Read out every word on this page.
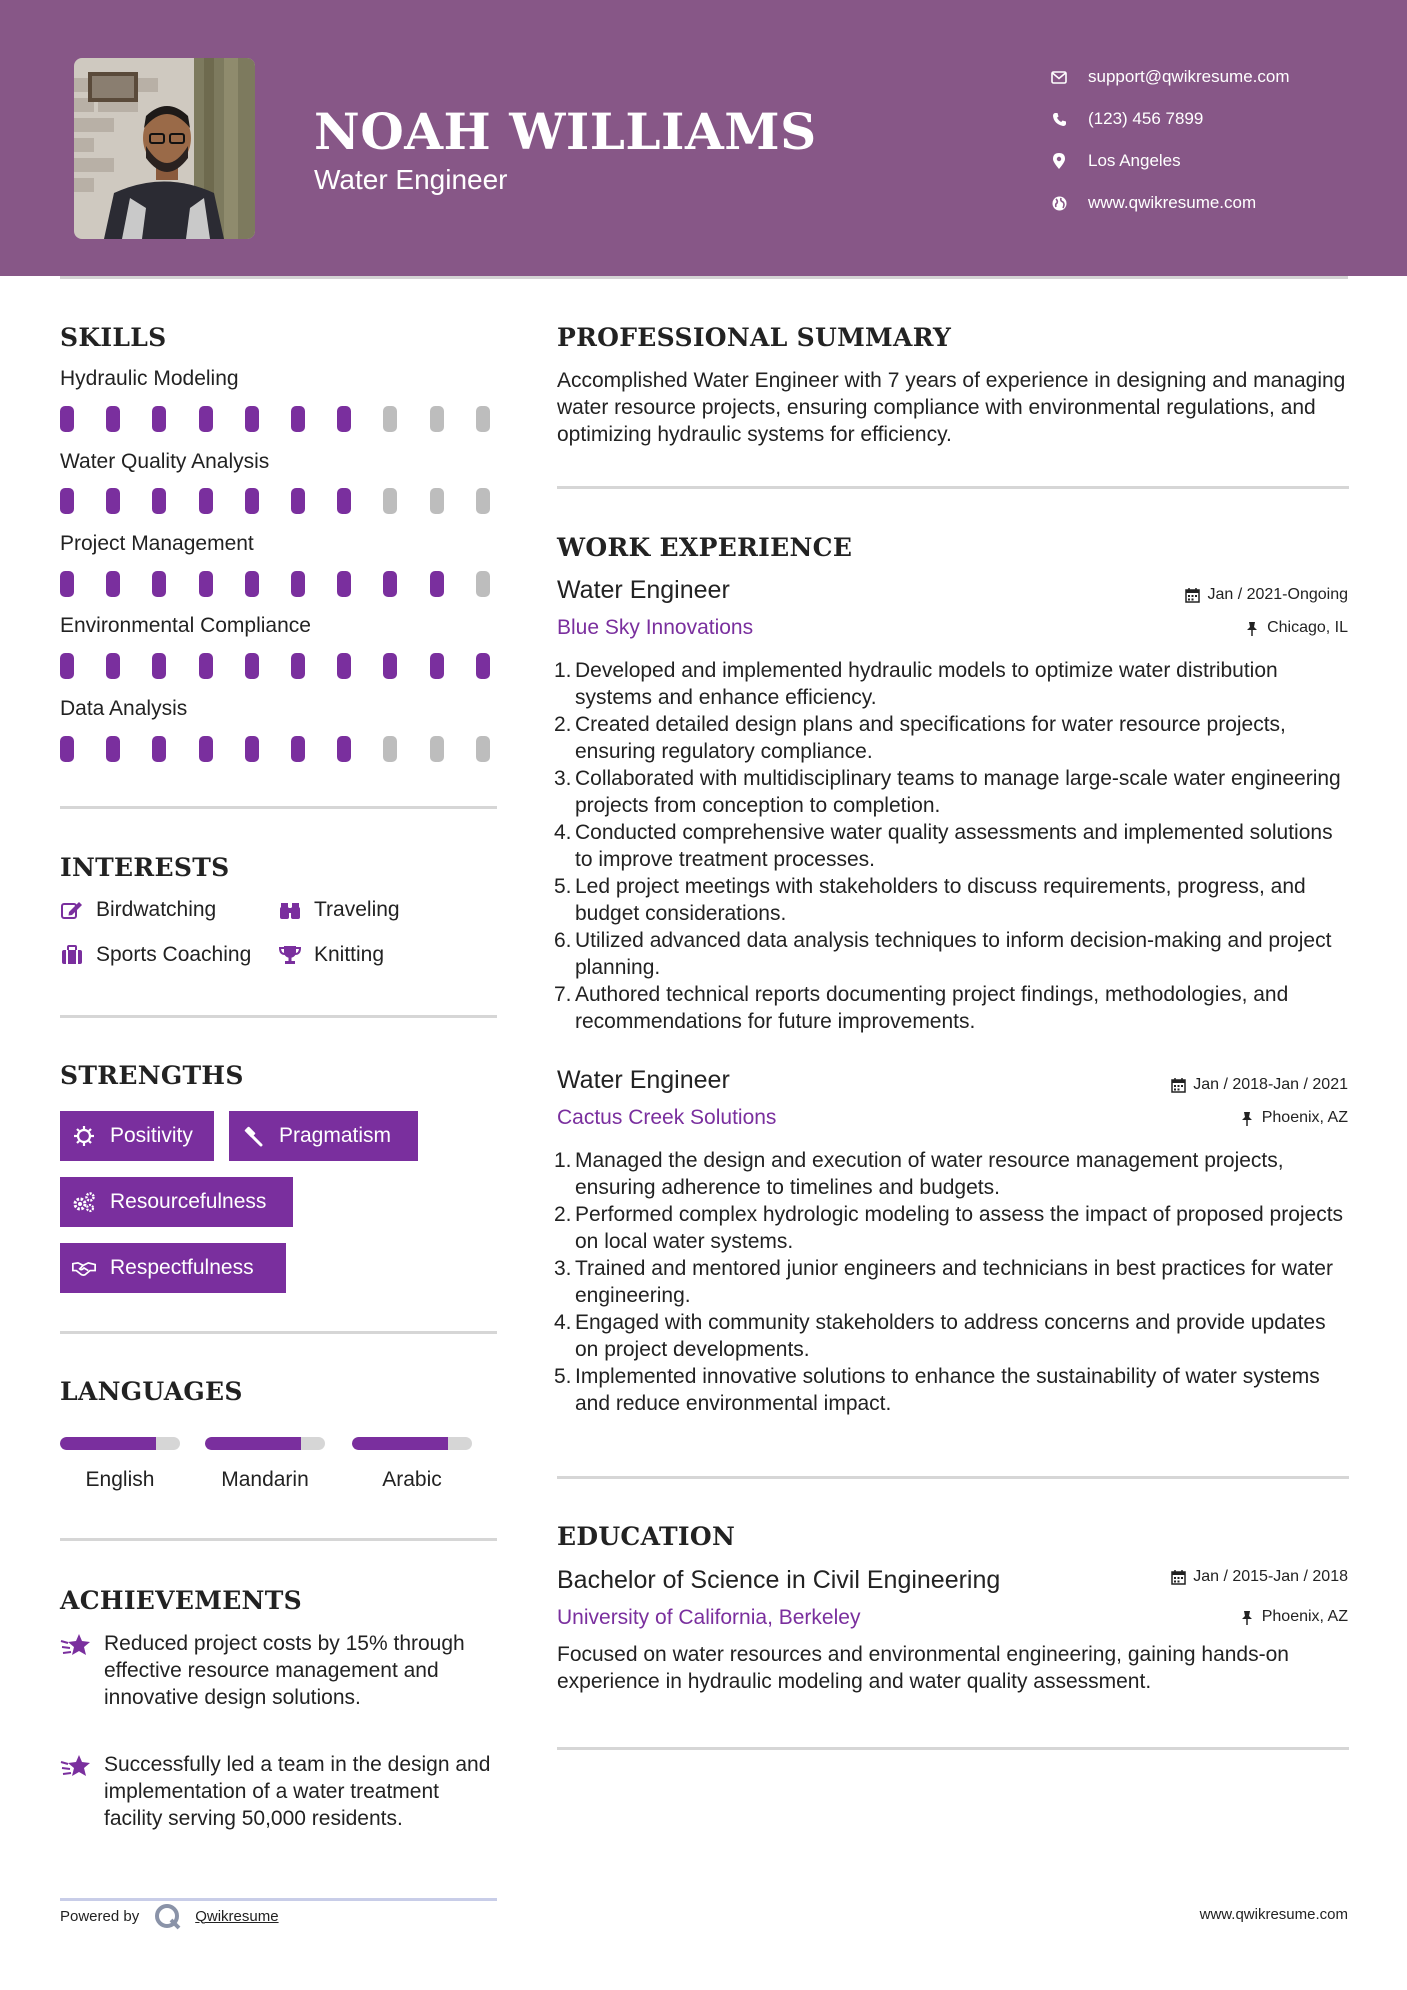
NOAH WILLIAMS
Water Engineer
support@qwikresume.com
(123) 456 7899
Los Angeles
www.qwikresume.com
SKILLS
Hydraulic Modeling
Water Quality Analysis
Project Management
Environmental Compliance
Data Analysis
INTERESTS
Birdwatching	Traveling
Sports Coaching	Knitting
STRENGTHS
Positivity	Pragmatism
Resourcefulness
Respectfulness
LANGUAGES
English	Mandarin	Arabic
ACHIEVEMENTS

Reduced project costs by 15% through effective resource management and innovative design solutions.

Successfully led a team in the design and implementation of a water treatment facility serving 50,000 residents.

PROFESSIONAL SUMMARY
Accomplished Water Engineer with 7 years of experience in designing and managing water resource projects, ensuring compliance with environmental regulations, and optimizing hydraulic systems for efficiency.
WORK EXPERIENCE
Water Engineer	Jan / 2021-Ongoing
Blue Sky Innovations	Chicago, IL
1. Developed and implemented hydraulic models to optimize water distribution systems and enhance efficiency.
2. Created detailed design plans and specifications for water resource projects, ensuring regulatory compliance.
3. Collaborated with multidisciplinary teams to manage large-scale water engineering projects from conception to completion.
4. Conducted comprehensive water quality assessments and implemented solutions to improve treatment processes.
5. Led project meetings with stakeholders to discuss requirements, progress, and budget considerations.
6. Utilized advanced data analysis techniques to inform decision-making and project planning.
7. Authored technical reports documenting project findings, methodologies, and recommendations for future improvements.
Water Engineer	Jan / 2018-Jan / 2021
Cactus Creek Solutions	Phoenix, AZ
1. Managed the design and execution of water resource management projects, ensuring adherence to timelines and budgets.
2. Performed complex hydrologic modeling to assess the impact of proposed projects on local water systems.
3. Trained and mentored junior engineers and technicians in best practices for water engineering.
4. Engaged with community stakeholders to address concerns and provide updates on project developments.
5. Implemented innovative solutions to enhance the sustainability of water systems and reduce environmental impact.
EDUCATION
Bachelor of Science in Civil Engineering	Jan / 2015-Jan / 2018
University of California, Berkeley	Phoenix, AZ
Focused on water resources and environmental engineering, gaining hands-on experience in hydraulic modeling and water quality assessment.
Powered by	Qwikresume	www.qwikresume.com
